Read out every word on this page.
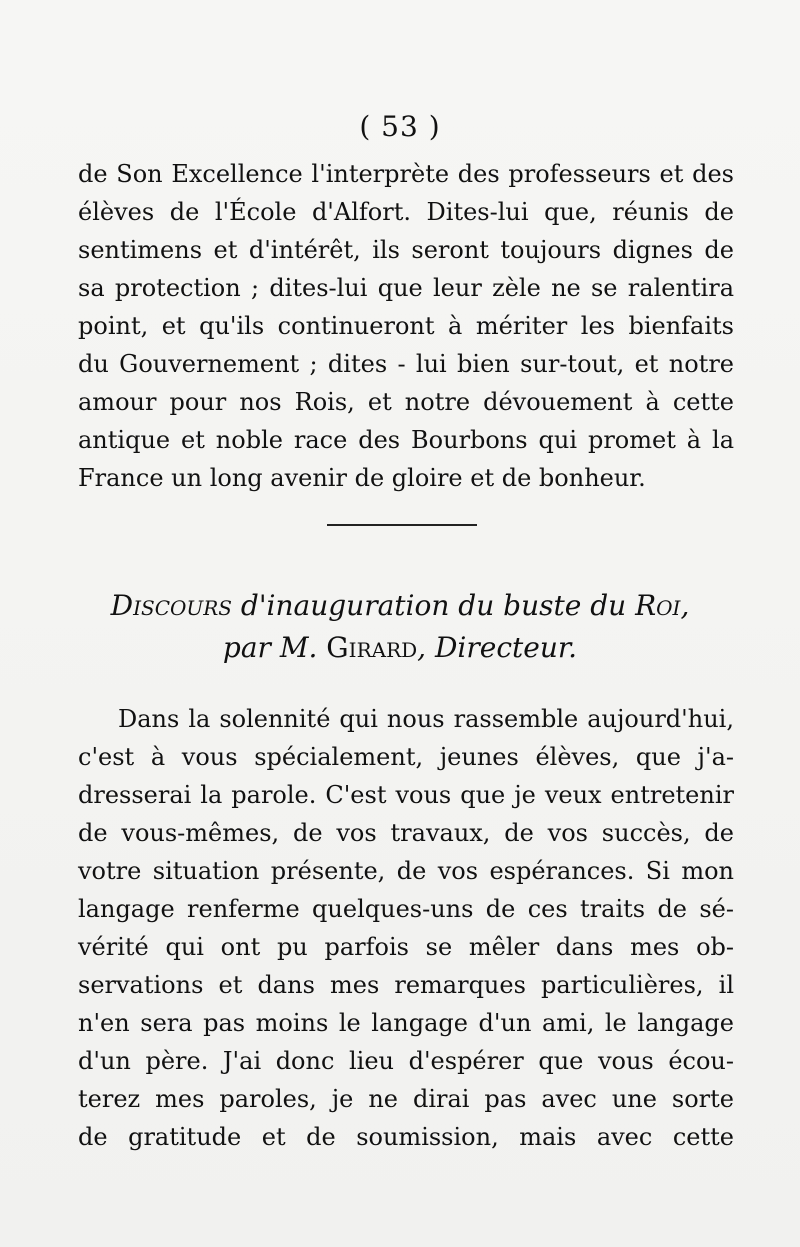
( 53 )
de Son Excellence l'interprète des professeurs et des
élèves de l'École d'Alfort. Dites-lui que, réunis de
sentimens et d'intérêt, ils seront toujours dignes de
sa protection ; dites-lui que leur zèle ne se ralentira
point, et qu'ils continueront à mériter les bienfaits
du Gouvernement ; dites - lui bien sur-tout, et notre
amour pour nos Rois, et notre dévouement à cette
antique et noble race des Bourbons qui promet à la
France un long avenir de gloire et de bonheur.
Discours d'inauguration du buste du Roi,
par M. Girard, Directeur.
Dans la solennité qui nous rassemble aujourd'hui,
c'est à vous spécialement, jeunes élèves, que j'a-
dresserai la parole. C'est vous que je veux entretenir
de vous-mêmes, de vos travaux, de vos succès, de
votre situation présente, de vos espérances. Si mon
langage renferme quelques-uns de ces traits de sé-
vérité qui ont pu parfois se mêler dans mes ob-
servations et dans mes remarques particulières, il
n'en sera pas moins le langage d'un ami, le langage
d'un père. J'ai donc lieu d'espérer que vous écou-
terez mes paroles, je ne dirai pas avec une sorte
de gratitude et de soumission, mais avec cette
